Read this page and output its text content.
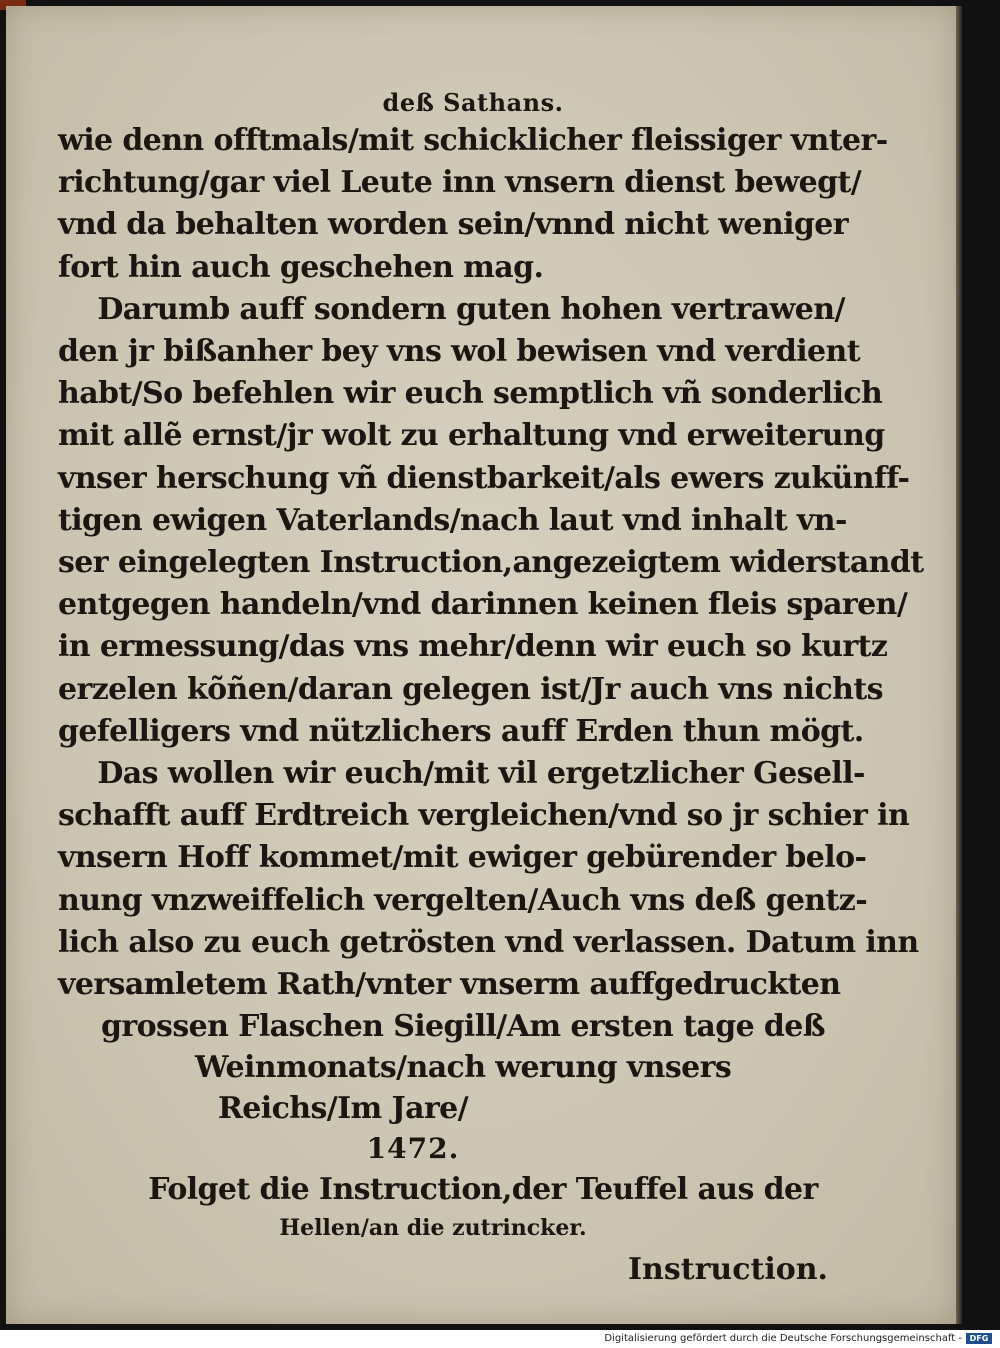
deß Sathans.
wie denn offtmals/mit schicklicher fleissiger vnter-
richtung/gar viel Leute inn vnsern dienst bewegt/
vnd da behalten worden sein/vnnd nicht weniger
fort hin auch geschehen mag.
Darumb auff sondern guten hohen vertrawen/
den jr bißanher bey vns wol bewisen vnd verdient
habt/So befehlen wir euch semptlich vñ sonderlich
mit allẽ ernst/jr wolt zu erhaltung vnd erweiterung
vnser herschung vñ dienstbarkeit/als ewers zukünff-
tigen ewigen Vaterlands/nach laut vnd inhalt vn-
ser eingelegten Instruction,angezeigtem widerstandt
entgegen handeln/vnd darinnen keinen fleis sparen/
in ermessung/das vns mehr/denn wir euch so kurtz
erzelen kõñen/daran gelegen ist/Jr auch vns nichts
gefelligers vnd nützlichers auff Erden thun mögt.
Das wollen wir euch/mit vil ergetzlicher Gesell-
schafft auff Erdtreich vergleichen/vnd so jr schier in
vnsern Hoff kommet/mit ewiger gebürender belo-
nung vnzweiffelich vergelten/Auch vns deß gentz-
lich also zu euch getrösten vnd verlassen. Datum inn
versamletem Rath/vnter vnserm auffgedruckten
grossen Flaschen Siegill/Am ersten tage deß
Weinmonats/nach werung vnsers
Reichs/Im Jare/
1472.
Folget die Instruction,der Teuffel aus der
Hellen/an die zutrincker.
Instruction.
Digitalisierung gefördert durch die Deutsche Forschungsgemeinschaft - DFG
